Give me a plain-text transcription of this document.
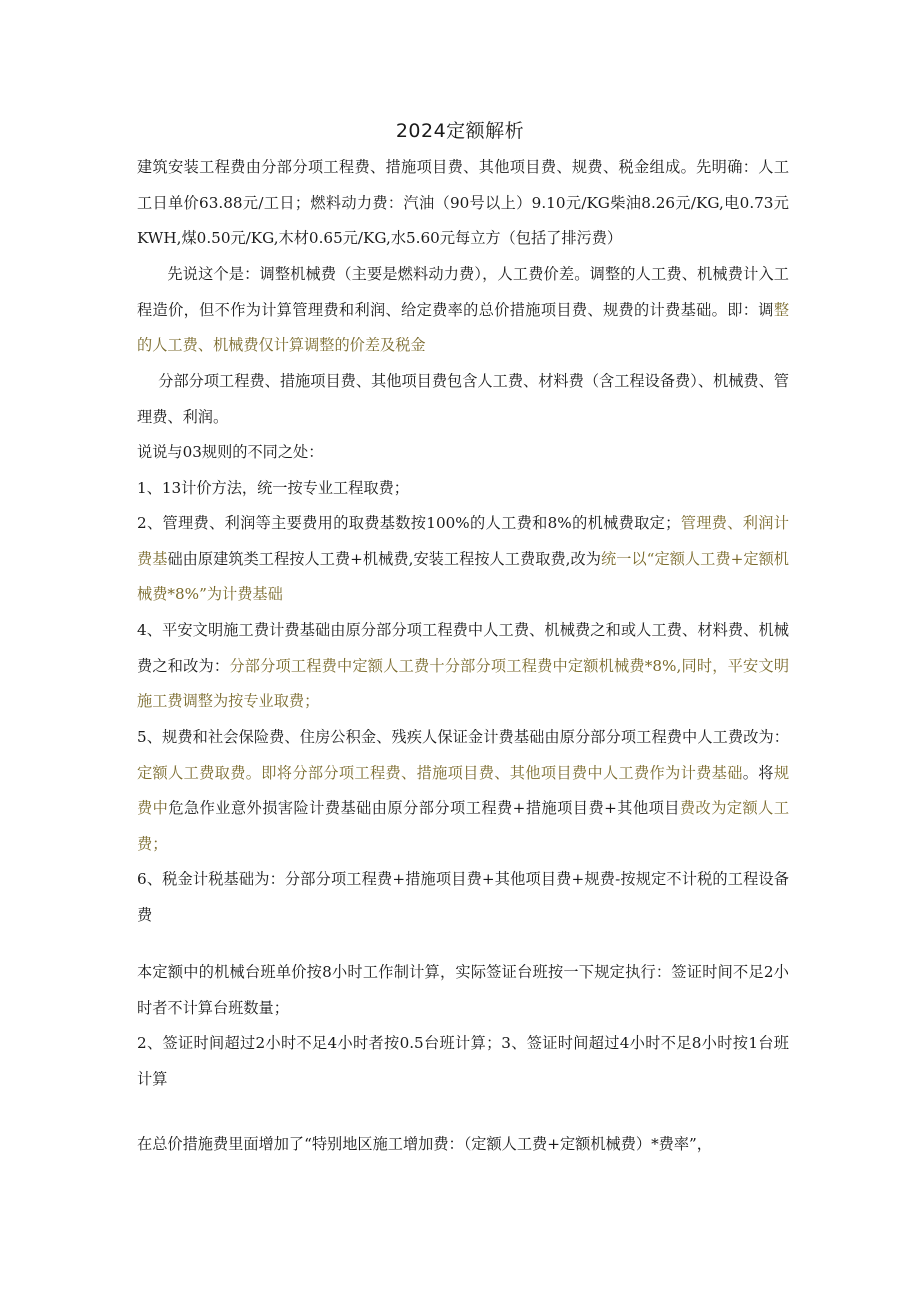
2024定额解析
建筑安装工程费由分部分项工程费、措施项目费、其他项目费、规费、税金组成。先明确：人工工日单价63.88元/工日；燃料动力费：汽油（90号以上）9.10元/KG柴油8.26元/KG,电0.73元KWH,煤0.50元/KG,木材0.65元/KG,水5.60元每立方（包括了排污费）
先说这个是：调整机械费（主要是燃料动力费），人工费价差。调整的人工费、机械费计入工程造价，但不作为计算管理费和利润、给定费率的总价措施项目费、规费的计费基础。即：调整的人工费、机械费仅计算调整的价差及税金
分部分项工程费、措施项目费、其他项目费包含人工费、材料费（含工程设备费）、机械费、管理费、利润。
说说与03规则的不同之处：
1、13计价方法，统一按专业工程取费；
2、管理费、利润等主要费用的取费基数按100%的人工费和8%的机械费取定；管理费、利润计费基础由原建筑类工程按人工费+机械费,安装工程按人工费取费,改为统一以“定额人工费+定额机械费*8%”为计费基础
4、平安文明施工费计费基础由原分部分项工程费中人工费、机械费之和或人工费、材料费、机械费之和改为：分部分项工程费中定额人工费十分部分项工程费中定额机械费*8%,同时，平安文明施工费调整为按专业取费；
5、规费和社会保险费、住房公积金、残疾人保证金计费基础由原分部分项工程费中人工费改为：定额人工费取费。即将分部分项工程费、措施项目费、其他项目费中人工费作为计费基础。将规费中危急作业意外损害险计费基础由原分部分项工程费+措施项目费+其他项目费改为定额人工费；
6、税金计税基础为：分部分项工程费+措施项目费+其他项目费+规费-按规定不计税的工程设备费
本定额中的机械台班单价按8小时工作制计算，实际签证台班按一下规定执行：签证时间不足2小时者不计算台班数量；
2、签证时间超过2小时不足4小时者按0.5台班计算；3、签证时间超过4小时不足8小时按1台班计算
在总价措施费里面增加了“特别地区施工增加费：（定额人工费+定额机械费）*费率”，
